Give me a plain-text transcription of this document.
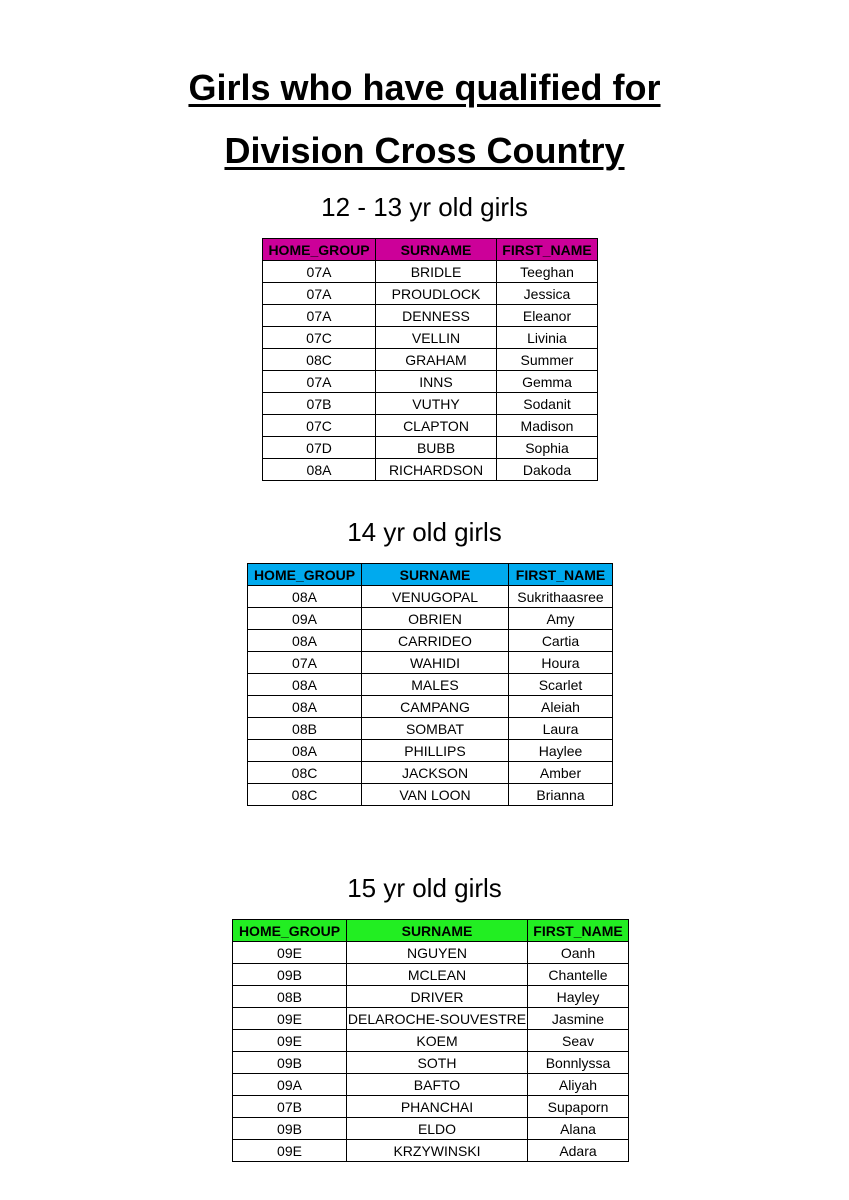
Girls who have qualified for
Division Cross Country
12 - 13 yr old girls
HOME_GROUP	SURNAME	FIRST_NAME
07A	BRIDLE	Teeghan
07A	PROUDLOCK	Jessica
07A	DENNESS	Eleanor
07C	VELLIN	Livinia
08C	GRAHAM	Summer
07A	INNS	Gemma
07B	VUTHY	Sodanit
07C	CLAPTON	Madison
07D	BUBB	Sophia
08A	RICHARDSON	Dakoda
14 yr old girls
HOME_GROUP	SURNAME	FIRST_NAME
08A	VENUGOPAL	Sukrithaasree
09A	OBRIEN	Amy
08A	CARRIDEO	Cartia
07A	WAHIDI	Houra
08A	MALES	Scarlet
08A	CAMPANG	Aleiah
08B	SOMBAT	Laura
08A	PHILLIPS	Haylee
08C	JACKSON	Amber
08C	VAN LOON	Brianna
15 yr old girls
HOME_GROUP	SURNAME	FIRST_NAME
09E	NGUYEN	Oanh
09B	MCLEAN	Chantelle
08B	DRIVER	Hayley
09E	DELAROCHE-SOUVESTRE	Jasmine
09E	KOEM	Seav
09B	SOTH	Bonnlyssa
09A	BAFTO	Aliyah
07B	PHANCHAI	Supaporn
09B	ELDO	Alana
09E	KRZYWINSKI	Adara
